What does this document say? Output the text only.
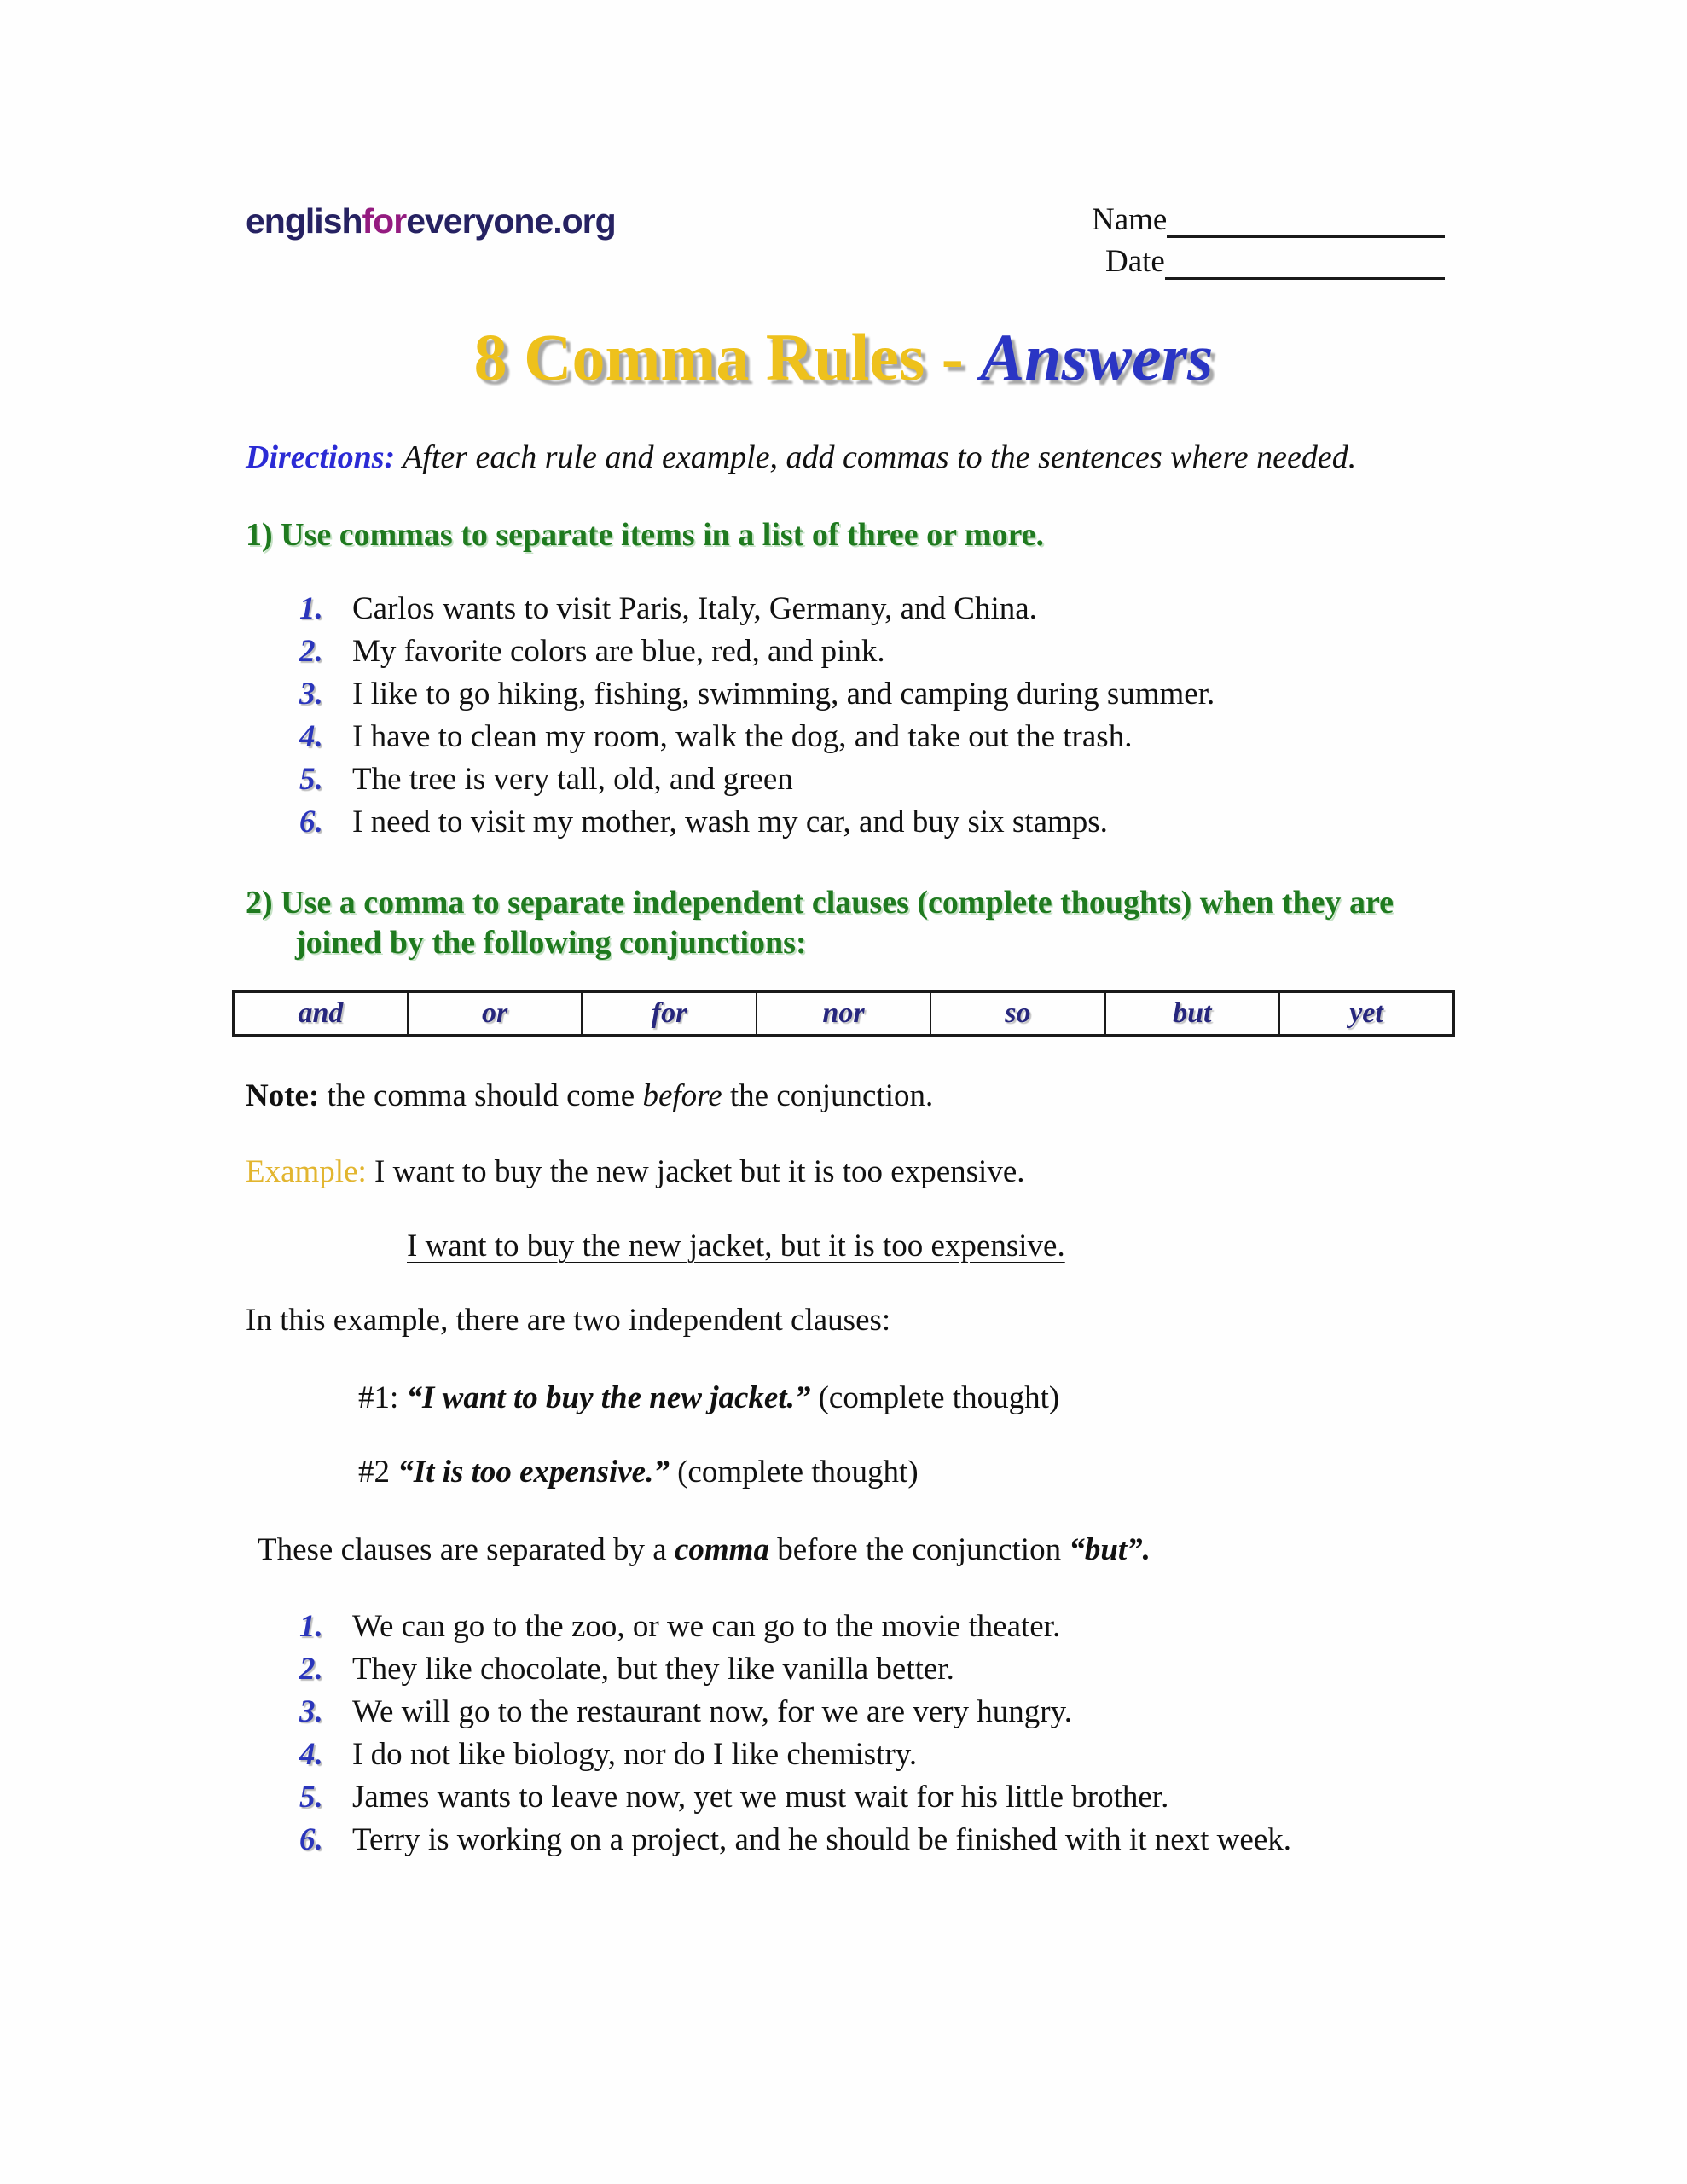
englishforeveryone.org	Name
Date
8 Comma Rules - Answers
Directions: After each rule and example, add commas to the sentences where needed.
1) Use commas to separate items in a list of three or more.
1. Carlos wants to visit Paris, Italy, Germany, and China.
2. My favorite colors are blue, red, and pink.
3. I like to go hiking, fishing, swimming, and camping during summer.
4. I have to clean my room, walk the dog, and take out the trash.
5. The tree is very tall, old, and green
6. I need to visit my mother, wash my car, and buy six stamps.
2) Use a comma to separate independent clauses (complete thoughts) when they are
joined by the following conjunctions:
and	or	for	nor	so	but	yet
Note: the comma should come before the conjunction.
Example: I want to buy the new jacket but it is too expensive.
I want to buy the new jacket, but it is too expensive.
In this example, there are two independent clauses:
#1: “I want to buy the new jacket.” (complete thought)
#2 “It is too expensive.” (complete thought)
These clauses are separated by a comma before the conjunction “but”.
1. We can go to the zoo, or we can go to the movie theater.
2. They like chocolate, but they like vanilla better.
3. We will go to the restaurant now, for we are very hungry.
4. I do not like biology, nor do I like chemistry.
5. James wants to leave now, yet we must wait for his little brother.
6. Terry is working on a project, and he should be finished with it next week.
